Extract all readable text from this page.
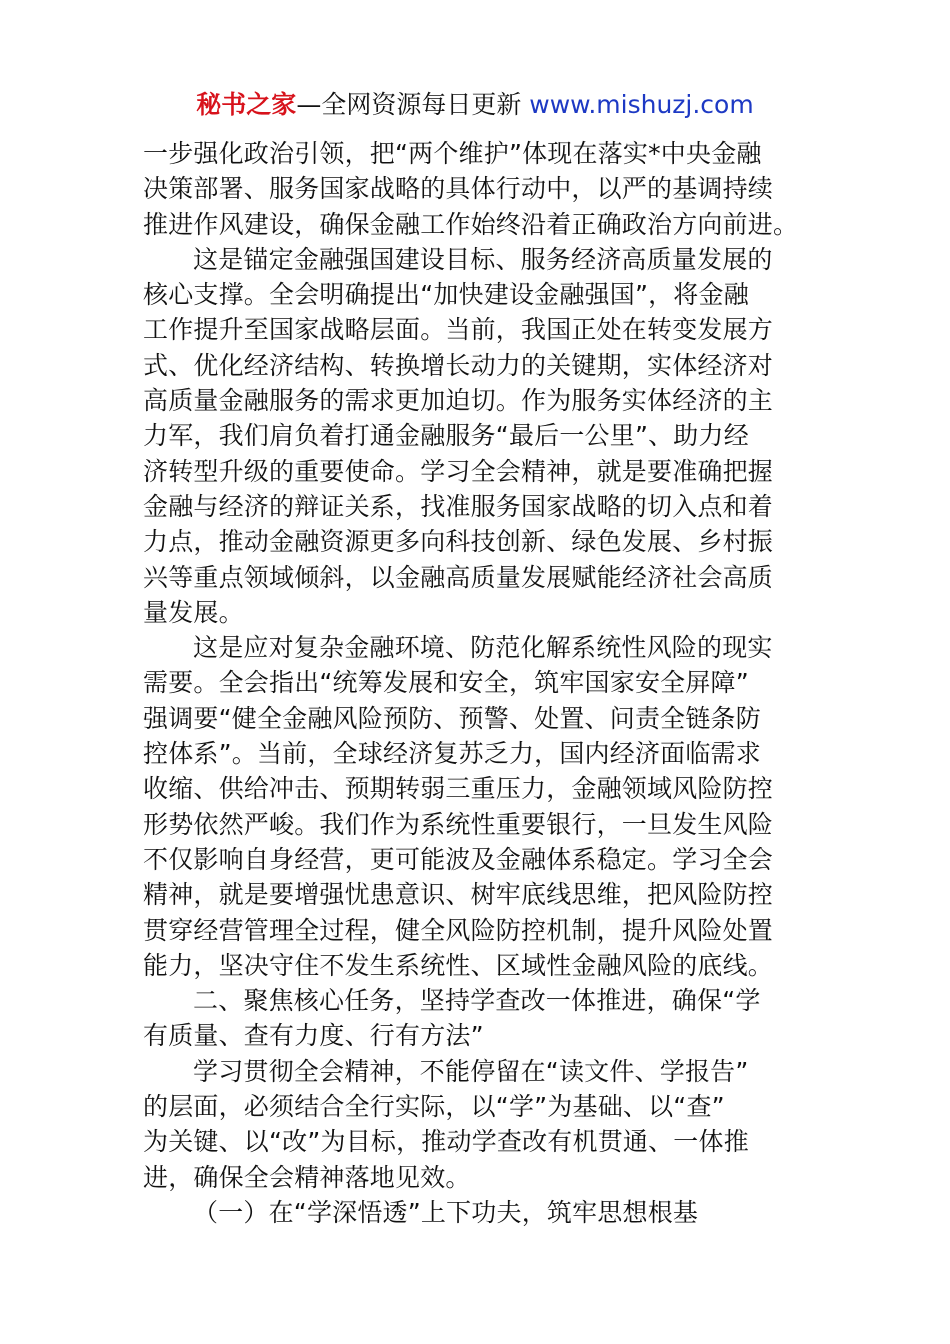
秘书之家—全网资源每日更新 www.mishuzj.com
一步强化政治引领，把“两个维护”体现在落实*中央金融
决策部署、服务国家战略的具体行动中，以严的基调持续
推进作风建设，确保金融工作始终沿着正确政治方向前进。
这是锚定金融强国建设目标、服务经济高质量发展的
核心支撑。全会明确提出“加快建设金融强国”，将金融
工作提升至国家战略层面。当前，我国正处在转变发展方
式、优化经济结构、转换增长动力的关键期，实体经济对
高质量金融服务的需求更加迫切。作为服务实体经济的主
力军，我们肩负着打通金融服务“最后一公里”、助力经
济转型升级的重要使命。学习全会精神，就是要准确把握
金融与经济的辩证关系，找准服务国家战略的切入点和着
力点，推动金融资源更多向科技创新、绿色发展、乡村振
兴等重点领域倾斜，以金融高质量发展赋能经济社会高质
量发展。
这是应对复杂金融环境、防范化解系统性风险的现实
需要。全会指出“统筹发展和安全，筑牢国家安全屏障”
强调要“健全金融风险预防、预警、处置、问责全链条防
控体系”。当前，全球经济复苏乏力，国内经济面临需求
收缩、供给冲击、预期转弱三重压力，金融领域风险防控
形势依然严峻。我们作为系统性重要银行，一旦发生风险
不仅影响自身经营，更可能波及金融体系稳定。学习全会
精神，就是要增强忧患意识、树牢底线思维，把风险防控
贯穿经营管理全过程，健全风险防控机制，提升风险处置
能力，坚决守住不发生系统性、区域性金融风险的底线。
二、聚焦核心任务，坚持学查改一体推进，确保“学
有质量、查有力度、行有方法”
学习贯彻全会精神，不能停留在“读文件、学报告”
的层面，必须结合全行实际，以“学”为基础、以“查”
为关键、以“改”为目标，推动学查改有机贯通、一体推
进，确保全会精神落地见效。
（一）在“学深悟透”上下功夫，筑牢思想根基
